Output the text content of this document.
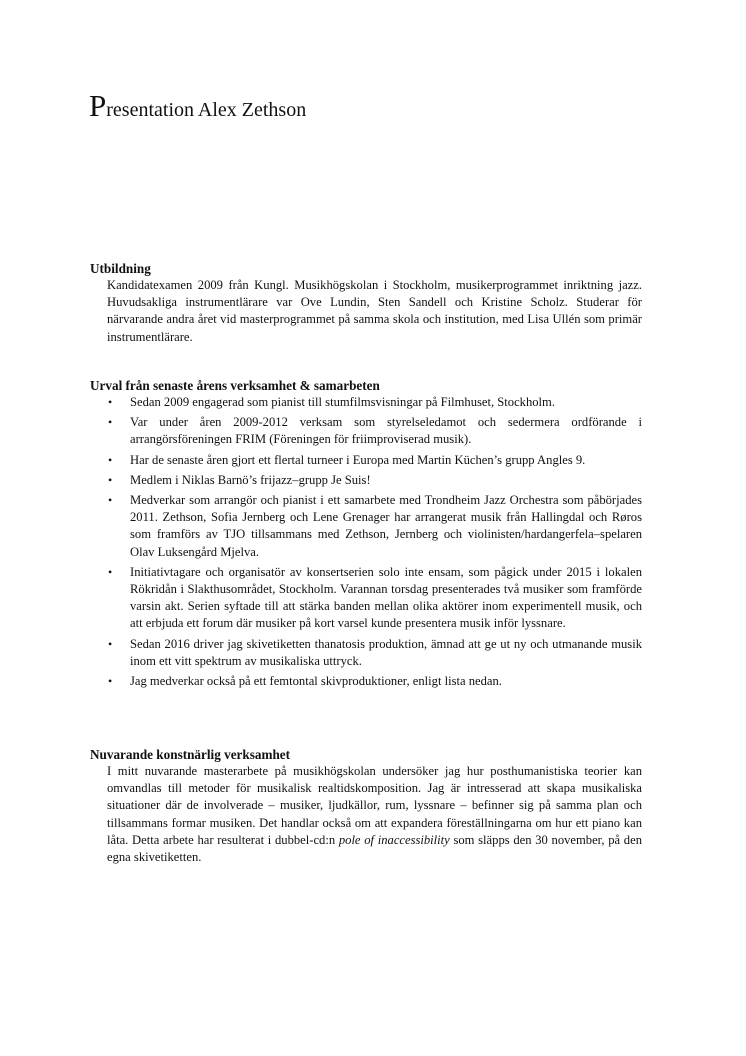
Presentation Alex Zethson
Utbildning

Kandidatexamen 2009 från Kungl. Musikhögskolan i Stockholm, musikerprogrammet inriktning jazz. Huvudsakliga instrumentlärare var Ove Lundin, Sten Sandell och Kristine Scholz. Studerar för närvarande andra året vid masterprogrammet på samma skola och institution, med Lisa Ullén som primär instrumentlärare.

Urval från senaste årens verksamhet & samarbeten
• Sedan 2009 engagerad som pianist till stumfilmsvisningar på Filmhuset, Stockholm.
• Var under åren 2009-2012 verksam som styrelseledamot och sedermera ordförande i arrangörsföreningen FRIM (Föreningen för friimproviserad musik).
• Har de senaste åren gjort ett flertal turneer i Europa med Martin Küchen’s grupp Angles 9.
• Medlem i Niklas Barnö’s frijazz–grupp Je Suis!
• Medverkar som arrangör och pianist i ett samarbete med Trondheim Jazz Orchestra som påbörjades 2011. Zethson, Sofia Jernberg och Lene Grenager har arrangerat musik från Hallingdal och Røros som framförs av TJO tillsammans med Zethson, Jernberg och violinisten/hardangerfela–spelaren Olav Luksengård Mjelva.
• Initiativtagare och organisatör av konsertserien solo inte ensam, som pågick under 2015 i lokalen Rökridån i Slakthusområdet, Stockholm. Varannan torsdag presenterades två musiker som framförde varsin akt. Serien syftade till att stärka banden mellan olika aktörer inom experimentell musik, och att erbjuda ett forum där musiker på kort varsel kunde presentera musik inför lyssnare.
• Sedan 2016 driver jag skivetiketten thanatosis produktion, ämnad att ge ut ny och utmanande musik inom ett vitt spektrum av musikaliska uttryck.
• Jag medverkar också på ett femtontal skivproduktioner, enligt lista nedan.
Nuvarande konstnärlig verksamhet

I mitt nuvarande masterarbete på musikhögskolan undersöker jag hur posthumanistiska teorier kan omvandlas till metoder för musikalisk realtidskomposition. Jag är intresserad att skapa musikaliska situationer där de involverade – musiker, ljudkällor, rum, lyssnare – befinner sig på samma plan och tillsammans formar musiken. Det handlar också om att expandera föreställningarna om hur ett piano kan låta. Detta arbete har resulterat i dubbel-cd:n pole of inaccessibility som släpps den 30 november, på den egna skivetiketten.
